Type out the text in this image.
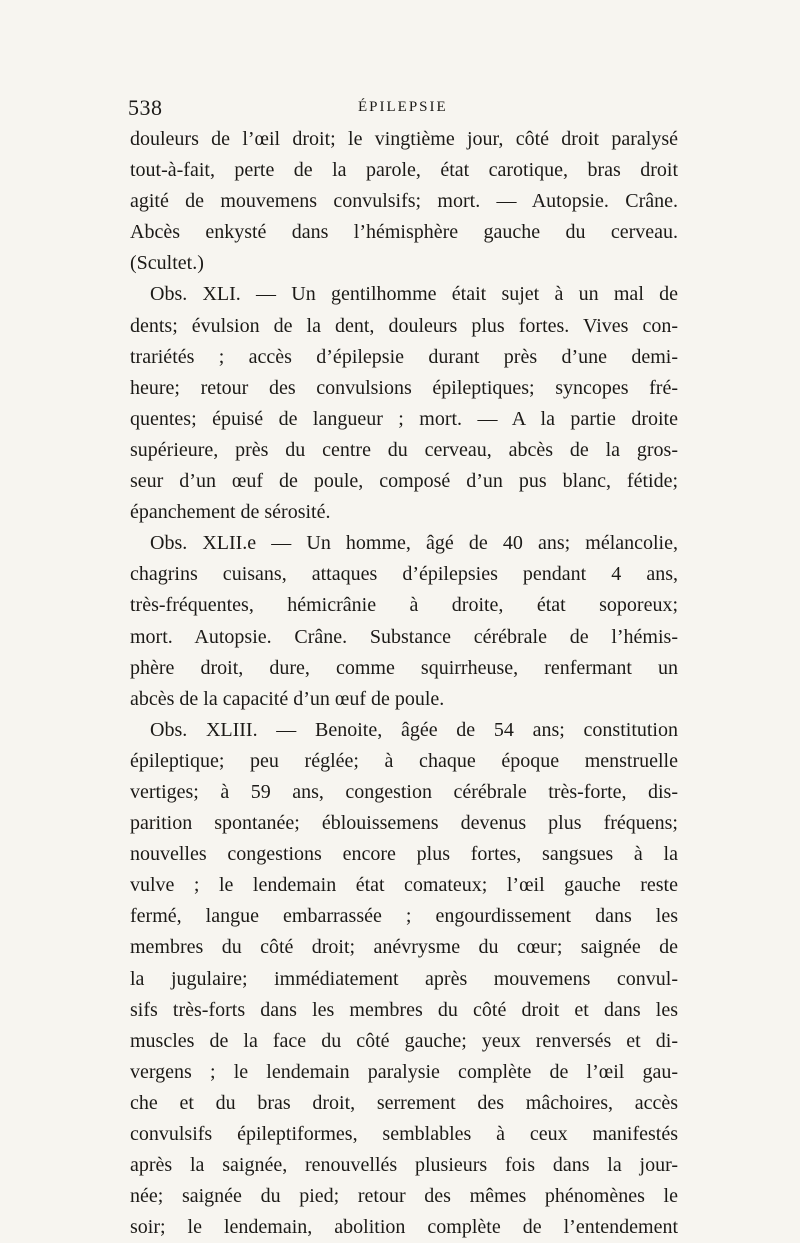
538	ÉPILEPSIE
douleurs de l’œil droit; le vingtième jour, côté droit paralysé
tout-à-fait, perte de la parole, état carotique, bras droit
agité de mouvemens convulsifs; mort. — Autopsie. Crâne.
Abcès enkysté dans l’hémisphère gauche du cerveau.
(Scultet.)
Obs. XLI. — Un gentilhomme était sujet à un mal de
dents; évulsion de la dent, douleurs plus fortes. Vives con-
trariétés ; accès d’épilepsie durant près d’une demi-
heure; retour des convulsions épileptiques; syncopes fré-
quentes; épuisé de langueur ; mort. — A la partie droite
supérieure, près du centre du cerveau, abcès de la gros-
seur d’un œuf de poule, composé d’un pus blanc, fétide;
épanchement de sérosité.
Obs. XLII.e — Un homme, âgé de 40 ans; mélancolie,
chagrins cuisans, attaques d’épilepsies pendant 4 ans,
très-fréquentes, hémicrânie à droite, état soporeux;
mort. Autopsie. Crâne. Substance cérébrale de l’hémis-
phère droit, dure, comme squirrheuse, renfermant un
abcès de la capacité d’un œuf de poule.
Obs. XLIII. — Benoite, âgée de 54 ans; constitution
épileptique; peu réglée; à chaque époque menstruelle
vertiges; à 59 ans, congestion cérébrale très-forte, dis-
parition spontanée; éblouissemens devenus plus fréquens;
nouvelles congestions encore plus fortes, sangsues à la
vulve ; le lendemain état comateux; l’œil gauche reste
fermé, langue embarrassée ; engourdissement dans les
membres du côté droit; anévrysme du cœur; saignée de
la jugulaire; immédiatement après mouvemens convul-
sifs très-forts dans les membres du côté droit et dans les
muscles de la face du côté gauche; yeux renversés et di-
vergens ; le lendemain paralysie complète de l’œil gau-
che et du bras droit, serrement des mâchoires, accès
convulsifs épileptiformes, semblables à ceux manifestés
après la saignée, renouvellés plusieurs fois dans la jour-
née; saignée du pied; retour des mêmes phénomènes le
soir; le lendemain, abolition complète de l’entendement
